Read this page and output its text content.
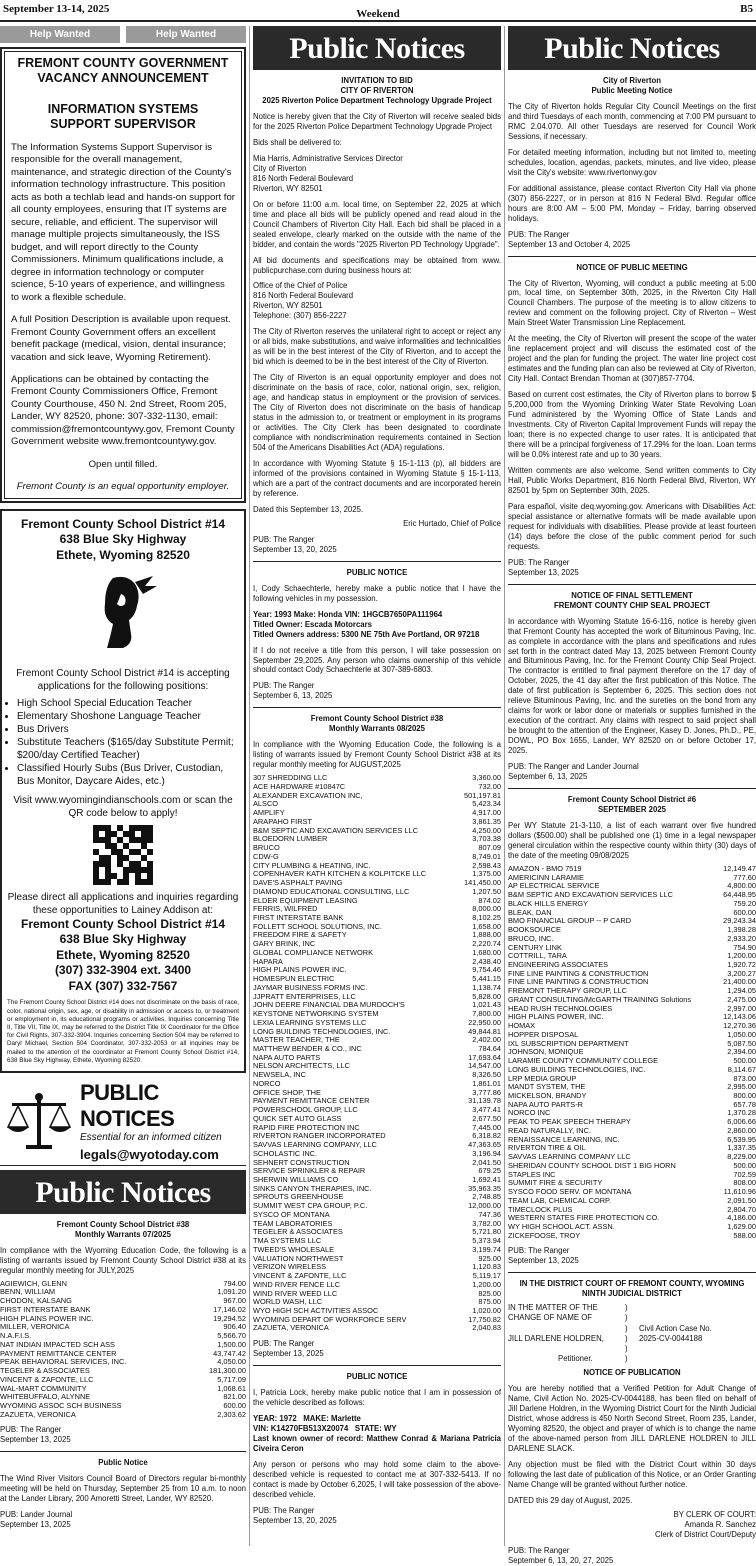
September 13-14, 2025	Weekend	B5
Help Wanted	Help Wanted
FREMONT COUNTY GOVERNMENT
VACANCY ANNOUNCEMENT
INFORMATION SYSTEMS
SUPPORT SUPERVISOR

The Information Systems Support Supervisor is responsible for the overall management, maintenance, and strategic direction of the County's information technology infrastructure. This position acts as both a techlab lead and hands-on support for all county employees, ensuring that IT systems are secure, reliable, and efficient. The supervisor will manage multiple projects simultaneously, the ISS budget, and will report directly to the County Commissioners. Minimum qualifications include, a degree in information technology or computer science, 5-10 years of experience, and willingness to work a flexible schedule.

A full Position Description is available upon request. Fremont County Government offers an excellent benefit package (medical, vision, dental insurance; vacation and sick leave, Wyoming Retirement).

Applications can be obtained by contacting the Fremont County Commissioners Office, Fremont County Courthouse, 450 N. 2nd Street, Room 205, Lander, WY 82520, phone: 307-332-1130, email: commission@fremontcountywy.gov, Fremont County Government website www.fremontcountywy.gov.

Open until filled.

Fremont County is an equal opportunity employer.

Fremont County School District #14
638 Blue Sky Highway
Ethete, Wyoming 82520

Fremont County School District #14 is accepting applications for the following positions:

• High School Special Education Teacher
• Elementary Shoshone Language Teacher
• Bus Drivers
• Substitute Teachers ($165/day Substitute Permit; $200/day Certified Teacher)
• Classified Hourly Subs (Bus Driver, Custodian, Bus Monitor, Daycare Aides, etc.)

Visit www.wyomingindianschools.com or scan the QR code below to apply!

Please direct all applications and inquiries regarding these opportunities to Lainey Addison at:

Fremont County School District #14
638 Blue Sky Highway
Ethete, Wyoming 82520
(307) 332-3904 ext. 3400
FAX (307) 332-7567
The Fremont County School District #14 does not discriminate on the basis of race, color, national origin, sex, age, or disability in admission or access to, or treatment or employment in, its educational programs or activities. Inquiries concerning Title II, Title VII, Title IX, may be referred to the District Title IX Coordinator for the Office for Civil Rights, 307-332-3904. Inquiries concerning Section 504 may be referred to Daryl Michael, Section 504 Coordinator, 307-332-2053 or all inquiries may be mailed to the attention of the coordinator at Fremont County School District #14, 638 Blue Sky Highway, Ethete, Wyoming 82520.
PUBLIC NOTICES
Essential for an informed citizen
legals@wyotoday.com
Public Notices
Fremont County School District #38
Monthly Warrants 07/2025

In compliance with the Wyoming Education Code, the following is a listing of warrants issued by Fremont County School District #38 at its regular monthly meeting for JULY,2025

AGIEWICH, GLENN	794.00
BENN, WILLIAM	1,091.20
CHODON, KALSANG	967.00
FIRST INTERSTATE BANK	17,146.02
HIGH PLAINS POWER INC.	19,294.52
MILLER, VERONICA	906.40
N.A.F.I.S.	5,566.70
NAT INDIAN IMPACTED SCH ASS	1,500.00
PAYMENT REMITTANCE CENTER	43,747.42
PEAK BEHAVIORAL SERVICES, INC.	4,050.00
TEGELER & ASSOCIATES	181,300.00
VINCENT & ZAFONTE, LLC	5,717.09
WAL-MART COMMUNITY	1,068.61
WHITEBUFFALO, ALYNNE	821.00
WYOMING ASSOC SCH BUSINESS	600.00
ZAZUETA, VERONICA	2,303.62

PUB: The Ranger
September 13, 2025

Public Notice

The Wind River Visitors Council Board of Directors regular bi-monthly meeting will be held on Thursday, September 25 from 10 a.m. to noon at the Lander Library, 200 Amoretti Street, Lander, WY 82520.

PUB: Lander Journal
September 13, 2025

Public Notices
INVITATION TO BID
CITY OF RIVERTON
2025 Riverton Police Department Technology Upgrade Project

Notice is hereby given that the City of Riverton will receive sealed bids for the 2025 Riverton Police Department Technology Upgrade Project

Bids shall be delivered to:

Mia Harris, Administrative Services Director
City of Riverton
816 North Federal Boulevard
Riverton, WY 82501

On or before 11:00 a.m. local time, on September 22, 2025 at which time and place all bids will be publicly opened and read aloud in the Council Chambers of Riverton City Hall. Each bid shall be placed in a sealed envelope, clearly marked on the outside with the name of the bidder, and contain the words "2025 Riverton PD Technology Upgrade".

All bid documents and specifications may be obtained from www. publicpurchase.com during business hours at:

Office of the Chief of Police
816 North Federal Boulevard
Riverton, WY 82501
Telephone: (307) 856-2227

The City of Riverton reserves the unilateral right to accept or reject any or all bids, make substitutions, and waive informalities and technicalities as will be in the best interest of the City of Riverton, and to accept the bid which is deemed to be in the best interest of the City of Riverton.

The City of Riverton is an equal opportunity employer and does not discriminate on the basis of race, color, national origin, sex, religion, age, and handicap status in employment or the provision of services. The City of Riverton does not discriminate on the basis of handicap status in the admission to, or treatment or employment in its programs or activities. The City Clerk has been designated to coordinate compliance with nondiscrimination requirements contained in Section 504 of the Americans Disabilities Act (ADA) regulations.

In accordance with Wyoming Statute § 15-1-113 (p), all bidders are informed of the provisions contained in Wyoming Statute § 15-1-113, which are a part of the contract documents and are incorporated herein by reference.

Dated this September 13, 2025.

Eric Hurtado, Chief of Police

PUB: The Ranger
September 13, 20, 2025

PUBLIC NOTICE

I, Cody Schaechterle, hereby make a public notice that I have the following vehicles in my possession.

Year: 1993 Make: Honda VIN: 1HGCB7650PA111964
Titled Owner: Escada Motorcars
Titled Owners address: 5300 NE 75th Ave Portland, OR 97218

If I do not receive a title from this person, I will take possession on September 29,2025. Any person who claims ownership of this vehicle should contact Cody Schaechterle at 307-389-6803.

PUB: The Ranger
September 6, 13, 2025

Fremont County School District #38
Monthly Warrants 08/2025

In compliance with the Wyoming Education Code, the following is a listing of warrants issued by Fremont County School District #38 at its regular monthly meeting for AUGUST,2025

307 SHREDDING LLC	3,360.00
ACE HARDWARE #10847C	732.00
ALEXANDER EXCAVATION INC,	501,197.81
ALSCO	5,423.34
AMPLIFY	4,917.00
ARAPAHO FIRST	3,861.35
B&M SEPTIC AND EXCAVATION SERVICES LLC	4,250.00
BLOEDORN LUMBER	3,703.38
BRUCO	807.09
CDW-G	8,749.01
CITY PLUMBING & HEATING, INC.	2,598.43
COPENHAVER KATH KITCHEN & KOLPITCKE LLC	1,375.00
DAVE'S ASPHALT PAVING	141,450.00
DIAMOND EDUCATIONAL CONSULTING, LLC	1,207.50
ELDER EQUIPMENT LEASING	874.02
FERRIS, WILFRED	8,000.00
FIRST INTERSTATE BANK	8,102.25
FOLLETT SCHOOL SOLUTIONS, INC.	1,658.00
FREEDOM FIRE & SAFETY	1,888.00
GARY BRINK, INC	2,220.74
GLOBAL COMPLIANCE NETWORK	1,680.00
HAPARA	2,438.40
HIGH PLAINS POWER INC.	9,754.46
HOMESPUN ELECTRIC	5,441.15
JAYMAR BUSINESS FORMS INC.	1,138.74
JJPRATT ENTERPRISES, LLC	5,828.00
JOHN DEERE FINANCIAL DBA MURDOCH'S	1,021.43
KEYSTONE NETWORKING SYSTEM	7,800.00
LEXIA LEARNING SYSTEMS LLC	22,950.00
LONG BUILDING TECHNOLOGIES, INC.	49,844.81
MASTER TEACHER, THE	2,402.00
MATTHEW BENDER & CO., INC	784.64
NAPA AUTO PARTS	17,693.64
NELSON ARCHITECTS, LLC	14,547.00
NEWSELA, INC	8,326.50
NORCO	1,861.01
OFFICE SHOP, THE	3,777.86
PAYMENT REMITTANCE CENTER	31,139.78
POWERSCHOOL GROUP, LLC	3,477.41
QUICK SET AUTO GLASS	2,677.50
RAPID FIRE PROTECTION INC	7,445.00
RIVERTON RANGER INCORPORATED	6,318.82
SAVVAS LEARNING COMPANY, LLC	47,363.65
SCHOLASTIC INC.	3,196.94
SEHNERT CONSTRUCTION	2,041.50
SERVICE SPRINKLER & REPAIR	679.25
SHERWIN WILLIAMS CO	1,692.41
SINKS CANYON THERAPIES, INC.	35,963.35
SPROUTS GREENHOUSE	2,748.85
SUMMIT WEST CPA GROUP, P.C.	12,000.00
SYSCO OF MONTANA	747.36
TEAM LABORATORIES	3,782.00
TEGELER & ASSOCIATES	5,721.80
TMA SYSTEMS LLC	5,373.94
TWEED'S WHOLESALE	3,199.74
VALUATION NORTHWEST	925.00
VERIZON WIRELESS	1,120.83
VINCENT & ZAFONTE, LLC	5,119.17
WIND RIVER FENCE LLC	1,200.00
WIND RIVER WEED LLC	825.00
WORLD WASH, LLC	875.00
WYO HIGH SCH ACTIVITIES ASSOC	1,020.00
WYOMING DEPART OF WORKFORCE SERV	17,750.82
ZAZUETA, VERONICA	2,040.83

PUB: The Ranger
September 13, 2025

PUBLIC NOTICE

I, Patricia Lock, hereby make public notice that I am in possession of the vehicle described as follows:

YEAR: 1972 MAKE: Marlette
VIN: K14270FB513X20074 STATE: WY
Last known owner of record: Matthew Conrad & Mariana Patricia Civeira Ceron

Any person or persons who may hold some claim to the above-described vehicle is requested to contact me at 307-332-5413. If no contact is made by October 6,2025, I will take possession of the above-described vehicle.

PUB: The Ranger
September 13, 20, 2025

Public Notices
City of Riverton
Public Meeting Notice

The City of Riverton holds Regular City Council Meetings on the first and third Tuesdays of each month, commencing at 7:00 PM pursuant to RMC 2.04.070. All other Tuesdays are reserved for Council Work Sessions, if necessary.

For detailed meeting information, including but not limited to, meeting schedules, location, agendas, packets, minutes, and live video, please visit the City's website: www.rivertonwy.gov

For additional assistance, please contact Riverton City Hall via phone (307) 856-2227, or in person at 816 N Federal Blvd. Regular office hours are 8:00 AM – 5:00 PM, Monday – Friday, barring observed holidays.

PUB: The Ranger
September 13 and October 4, 2025

NOTICE OF PUBLIC MEETING

The City of Riverton, Wyoming, will conduct a public meeting at 5:00 pm, local time, on September 30th, 2025, in the Riverton City Hall Council Chambers. The purpose of the meeting is to allow citizens to review and comment on the following project. City of Riverton – West Main Street Water Transmission Line Replacement.

At the meeting, the City of Riverton will present the scope of the water line replacement project and will discuss the estimated cost of the project and the plan for funding the project. The water line project cost estimates and the funding plan can also be reviewed at City of Riverton, City Hall. Contact Brendan Thoman at (307)857-7704.

Based on current cost estimates, the City of Riverton plans to borrow $ 5,200,000 from the Wyoming Drinking Water State Revolving Loan Fund administered by the Wyoming Office of State Lands and Investments. City of Riverton Capital Improvement Funds will repay the loan; there is no expected change to user rates. It is anticipated that there will be a principal forgiveness of 17.29% for the loan. Loan terms will be 0.0% interest rate and up to 30 years.

Written comments are also welcome. Send written comments to City Hall, Public Works Department, 816 North Federal Blvd, Riverton, WY 82501 by 5pm on September 30th, 2025.

Para español, visite deq.wyoming.gov. Americans with Disabilities Act: special assistance or alternative formats will be made available upon request for individuals with disabilities. Please provide at least fourteen (14) days before the close of the public comment period for such requests.

PUB: The Ranger
September 13, 2025

NOTICE OF FINAL SETTLEMENT
FREMONT COUNTY CHIP SEAL PROJECT

In accordance with Wyoming Statute 16-6-116, notice is hereby given that Fremont County has accepted the work of Bituminous Paving, Inc. as complete in accordance with the plans and specifications and rules set forth in the contract dated May 13, 2025 between Fremont County and Bituminous Paving, Inc. for the Fremont County Chip Seal Project. The contractor is entitled to final payment therefore on the 17 day of October, 2025, the 41 day after the first publication of this Notice. The date of first publication is September 6, 2025. This section does not relieve Bituminous Paving, Inc. and the sureties on the bond from any claims for work or labor done or materials or supplies furnished in the execution of the contract. Any claims with respect to said project shall be brought to the attention of the Engineer, Kasey D. Jones, Ph.D., PE, DOWL, PO Box 1655, Lander, WY 82520 on or before October 17, 2025.

PUB: The Ranger and Lander Journal
September 6, 13, 2025

Fremont County School District #6
SEPTEMBER 2025

Per WY Statute 21-3-110, a list of each warrant over five hundred dollars ($500.00) shall be published one (1) time in a legal newspaper general circulation within the respective county within thirty (30) days of the date of the meeting 09/08/2025

AMAZON - BMO 7519	12,149.47
AMERICINN LARAMIE	777.60
AP ELECTRICAL SERVICE	4,800.00
B&M SEPTIC AND EXCAVATION SERVICES LLC	64,448.95
BLACK HILLS ENERGY	759.20
BLEAK, DAN	600.00
BMO FINANCIAL GROUP -- P CARD	29,243.34
BOOKSOURCE	1,398.28
BRUCO, INC.	2,933.20
CENTURY LINK	754.90
COTTRILL, TARA	1,200.00
ENGINEERING ASSOCIATES	1,920.72
FINE LINE PAINTING & CONSTRUCTION	3,200.27
FINE LINE PAINTING & CONSTRUCTION	21,400.00
FREMONT THERAPY GROUP, LLC	1,294.05
GRANT CONSULTING/McGARTH TRAINING Solutions	2,475.00
HEAD RUSH TECHNOLOGIES	2,997.00
HIGH PLAINS POWER, INC.	12,143.06
HOMAX	12,270.36
HOPPER DISPOSAL	1,050.00
IXL SUBSCRIPTION DEPARTMENT	5,087.50
JOHNSON, MONIQUE	2,394.00
LARAMIE COUNTY COMMUNITY COLLEGE	500.00
LONG BUILDING TECHNOLOGIES, INC.	8,114.67
LRP MEDIA GROUP	873.00
MANDT SYSTEM, THE	2,995.00
MICKELSON, BRANDY	800.00
NAPA AUTO PARTS-R	657.78
NORCO INC	1,370.28
PEAK TO PEAK SPEECH THERAPY	6,006.66
READ NATURALLY, INC.	2,860.00
RENAISSANCE LEARNING, INC.	6,539.95
RIVERTON TIRE & OIL	1,337.35
SAVVAS LEARNING COMPANY LLC	8,229.00
SHERIDAN COUNTY SCHOOL DIST 1 BIG HORN	500.00
STAPLES INC	702.59
SUMMIT FIRE & SECURITY	808.00
SYSCO FOOD SERV. OF MONTANA	11,610.96
TEAM LAB, CHEMICAL CORP.	2,091.50
TIMECLOCK PLUS	2,804.70
WESTERN STATES FIRE PROTECTION CO.	4,186.00
WY HIGH SCHOOL ACT. ASSN.	1,629.00
ZICKEFOOSE, TROY	588.00

PUB: The Ranger
September 13, 2025

IN THE DISTRICT COURT OF FREMONT COUNTY, WYOMING
NINTH JUDICIAL DISTRICT
IN THE MATTER OF THE
CHANGE OF NAME OF

JILL DARLENE HOLDREN,

Petitioner.
)
)
)
)
)
)

Civil Action Case No.
2025-CV-0044188
NOTICE OF PUBLICATION

You are hereby notified that a Verified Petition for Adult Change of Name, Civil Action No. 2025-CV-0044188, has been filed on behalf of Jill Darlene Holdren, in the Wyoming District Court for the Ninth Judicial District, whose address is 450 North Second Street, Room 235, Lander, Wyoming 82520, the object and prayer of which is to change the name of the above-named person from JILL DARLENE HOLDREN to JILL DARLENE SLACK.

Any objection must be filed with the District Court within 30 days following the last date of publication of this Notice, or an Order Granting Name Change will be granted without further notice.

DATED this 29 day of August, 2025.

BY CLERK OF COURT:
Amanda R. Sanchez
Clerk of District Court/Deputy

PUB: The Ranger
September 6, 13, 20, 27, 2025
